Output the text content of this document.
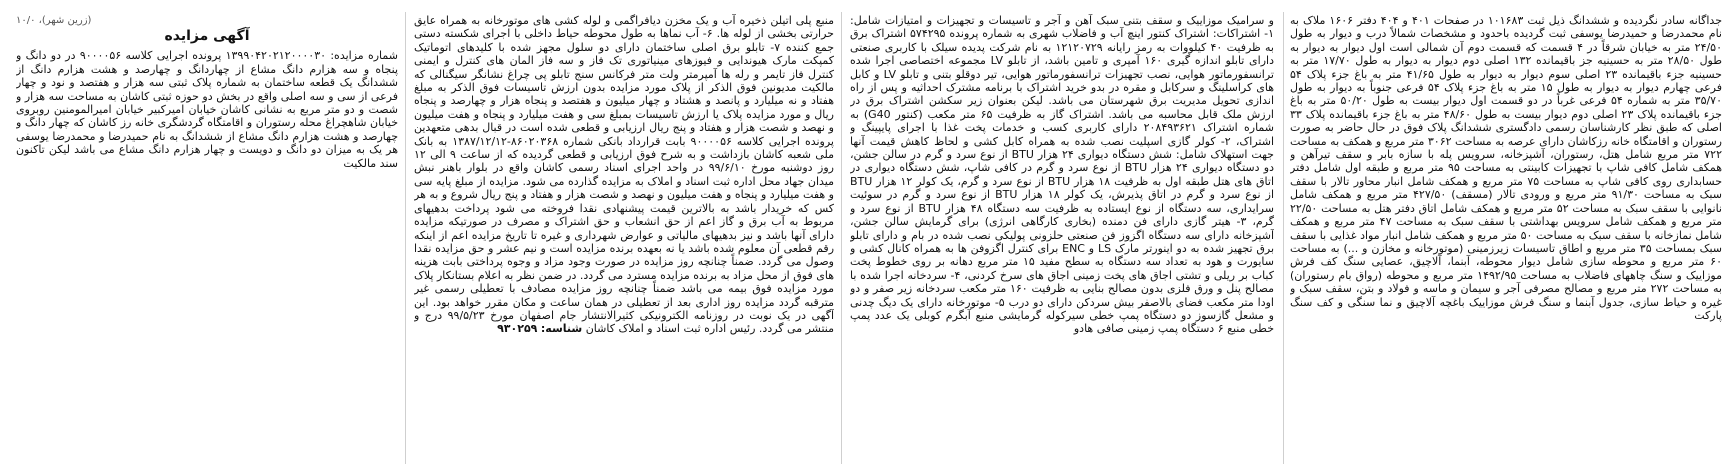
جداگانه سادر نگردیده و ششدانگ ذیل ثبت ۱۰۱۶۸۳ در صفحات ۴۰۱ و ۴۰۴ دفتر ۱۶۰۶ ملاک به نام محمدرضا و حمیدرضا یوسفی ثبت گردیده باحدود و مشخصات شمالاً درب و دیوار به طول ۲۴/۵۰ متر به خیابان شرقاً در ۴ قسمت که قسمت دوم آن شمالی است اول دیوار به دیوار به طول ۲۸/۵۰ متر به حسینیه جز باقیمانده ۱۳۲ اصلی دوم دیوار به دیوار به طول ۱۷/۷۰ متر به حسینیه جزء باقیمانده ۲۳ اصلی سوم دیوار به دیوار به طول ۴۱/۶۵ متر به باغ جزء پلاک ۵۴ فرعی چهارم دیوار به دیوار به طول ۱۵ متر به باغ جزء پلاک ۵۴ فرعی جنوباً به دیوار به طول ۳۵/۷۰ متر به شماره ۵۴ فرعی غرباً در دو قسمت اول دیوار بیست به طول ۵۰/۲۰ متر به باغ جزء باقیمانده پلاک ۲۳ اصلی دوم دیوار بیست به طول ۴۸/۶۰ متر به باغ جزء باقیمانده پلاک ۳۳ اصلی که طبق نظر کارشناسان رسمی دادگستری ششدانگ پلاک فوق در حال حاضر به صورت رستوران و اقامتگاه خانه رزکاشان دارای عرصه به مساحت ۳۰۶۲ متر مربع و همکف به مساحت ۷۲۲ متر مربع شامل هتل، رستوران، آشپزخانه، سرویس پله با سازه بابر و سقف تیرآهن و همکف شامل کافی شاپ با تجهیزات کابینتی به مساحت ۹۵ متر مربع و طبقه اول شامل دفتر حسابداری روی کافی شاپ به مساحت ۷۵ متر مربع و همکف شامل انبار محاور تالار با سقف سبک به مساحت ۹۱/۳۰ متر مربع و ورودی تالار (مسقف) ۴۲۷/۵۰ متر مربع و همکف شامل نانوایی با سقف سبک به مساحت ۵۲ متر مربع و همکف شامل اتاق دفتر هتل به مساحت ۲۲/۵۰ متر مربع و همکف شامل سرویس بهداشتی با سقف سبک به مساحت ۴۷ متر مربع و همکف شامل نمازخانه با سقف سبک به مساحت ۵۰ متر مربع و همکف شامل انبار مواد غذایی با سقف سبک بمساحت ۳۵ متر مربع و اطاق تاسیسات زیرزمینی (موتورخانه و مخازن و ...) به مساحت ۶۰ متر مربع و محوطه سازی شامل دیوار محوطه، آبنما، آلاچیق، عصایی سنگ کف فرش موزاییک و سنگ چاههای فاضلاب به مساحت ۱۴۹۲/۹۵ متر مربع و محوطه (رواق بام رستوران) به مساحت ۲۷۲ متر مربع و مصالح مصرفی آجر و سیمان و ماسه و فولاد و بتن، سقف سبک و غیره و حیاط سازی، جدول آبنما و سنگ فرش موزاییک باغچه آلاچیق و نما سنگی و کف سنگ پارکت

و سرامیک موزاییک و سقف بتنی سبک آهن و آجر و تاسیسات و تجهیزات و امتیازات شامل: ۱- اشتراکات: اشتراک کنتور اینچ آب و فاضلاب شهری به شماره پرونده ۵۷۴۲۹۵ اشتراک برق به ظرفیت ۴۰ کیلووات به رمز رایانه ۱۲۱۲۰۷۲۹ به نام شرکت پدیده سیلک با کاربری صنعتی دارای تابلو اندازه گیری ۱۶۰ آمپری و تامین باشد، از تابلو LV مجموعه اختصاصی اجرا شده ترانسفورماتور هوایی، نصب تجهیزات ترانسفورماتور هوایی، تیر دوقلو بتنی و تابلو LV و کابل های کراسلینگ و سرکابل و مقره در بدو خرید اشتراک با برنامه مشترک احداثیه و پس از راه اندازی تحویل مدیریت برق شهرستان می باشد. لیکن بعنوان زیر سکشن اشتراک برق در ارزش ملک قابل محاسبه می باشد. اشتراک گاز به ظرفیت ۶۵ متر مکعب (کنتور G40) به شماره اشتراک ۲۰۸۴۹۳۶۲۱ دارای کاربری کسب و خدمات پخت غذا با اجرای پایپینگ و اشتراک، ۲- کولر گازی اسپلیت نصب شده به همراه کابل کشی و لحاظ کاهش قیمت آنها جهت استهلاک شامل: شش دستگاه دیواری ۲۴ هزار BTU از نوع سرد و گرم در سالن جشن، دو دستگاه دیواری ۲۴ هزار BTU از نوع سرد و گرم در کافی شاپ، شش دستگاه دیواری در اتاق های هتل طبقه اول به ظرفیت ۱۸ هزار BTU از نوع سرد و گرم، یک کولر ۱۲ هزار BTU از نوع سرد و گرم در اتاق پذیرش، یک کولر ۱۸ هزار BTU از نوع سرد و گرم در سوئیت سرایداری، سه دستگاه از نوع ایستاده به ظرفیت سه دستگاه ۴۸ هزار BTU از نوع سرد و گرم، ۳- هیتر گازی دارای فن دمنده (بخاری کارگاهی انرژی) برای گرمایش سالن جشن، آشپزخانه دارای سه دستگاه اگزوز فن صنعتی حلزونی پولیکی نصب شده در بام و دارای تابلو برق تجهیز شده به دو اینورتر مارک LS و ENC برای کنترل اگزوفن ها به همراه کانال کشی و سایورت و هود به تعداد سه دستگاه به سطح مفید ۱۵ متر مربع دهانه بر روی خطوط پخت کباب بر ریلی و تشتی اجاق های پخت زمینی اجاق های سرخ کردنی، ۴- سردخانه اجرا شده با مصالح پنل و ورق فلزی بدون مصالح بنایی به ظرفیت ۱۶۰ متر مکعب سردخانه زیر صفر و دو اودا متر مکعب فضای بالاصفر بیش سردکن دارای دو درب ۵- موتورخانه دارای یک دیگ چدنی و مشعل گازسوز دو دستگاه پمپ خطی سیرکوله گرمایشی منبع آبگرم کوبلی یک عدد پمپ خطی منبع ۶ دستگاه پمپ زمینی صافی هادو

منبع پلی اتیلن ذخیره آب و یک مخزن دیافراگمی و لوله کشی های موتورخانه به همراه عایق حرارتی بخشی از لوله ها. ۶- آب نماها به طول محوطه حیاط داخلی با اجرای شکسته دستی جمع کننده ۷- تابلو برق اصلی ساختمان دارای دو سلول مجهز شده با کلیدهای اتوماتیک کمپکت مارک هیوندایی و فیوزهای مینیاتوری تک فاز و سه فاز المان های کنترل و ایمنی کنترل فاز تایمر و رله ها آمپرمتر ولت متر فرکانس سنج تابلو پی چراغ نشانگر سیگنالی که مالکیت مدیونین فوق الذکر از پلاک مورد مزایده بدون ارزش تاسیسات فوق الذکر به مبلغ هفتاد و نه میلیارد و پانصد و هشتاد و چهار میلیون و هفتصد و پنجاه هزار و چهارصد و پنجاه ریال و مورد مزایده پلاک یا ارزش تاسیسات بمبلغ سی و هفت میلیارد و پنجاه و هفت میلیون و نهصد و شصت هزار و هفتاد و پنج ریال ارزیابی و قطعی شده است در قبال بدهی متعهدین پرونده اجرایی کلاسه ۹۰۰۰۰۵۶ بابت قرارداد بانکی شماره ۸۶۰۲۰۳۶۸-۱۳۸۷/۱۲/۱۲ به بانک ملی شعبه کاشان بازداشت و به شرح فوق ارزیابی و قطعی گردیده که از ساعت ۹ الی ۱۲ روز دوشنبه مورخ ۹۹/۶/۱۰ در واحد اجرای اسناد رسمی کاشان واقع در بلوار باهنر نبش میدان جهاد محل اداره ثبت اسناد و املاک به مزایده گذارده می شود. مزایده از مبلغ پایه سی و هفت میلیارد و پنجاه و هفت میلیون و نهصد و شصت هزار و هفتاد و پنج ریال شروع و به هر کس که خریدار باشد به بالاترین قیمت پیشنهادی نقدا فروخته می شود پرداخت بدهیهای مربوط به آب برق و گاز اعم از حق انشعاب و حق اشتراک و مصرف در صورتیکه مزایده دارای آنها باشد و نیز بدهیهای مالیاتی و عوارض شهرداری و غیره تا تاریخ مزایده اعم از اینکه رقم قطعی آن معلوم شده باشد یا نه بعهده برنده مزایده است و نیم عشر و حق مزایده نقدا وصول می گردد. ضمناً چنانچه روز مزایده در صورت وجود مزاد و وجوه پرداختی بابت هزینه های فوق از محل مزاد به برنده مزایده مسترد می گردد. در ضمن نظر به اعلام بستانکار پلاک مورد مزایده فوق بیمه می باشد ضمناً چنانچه روز مزایده مصادف با تعطیلی رسمی غیر مترقبه گردد مزایده روز اداری بعد از تعطیلی در همان ساعت و مکان مقرر خواهد بود. این آگهی در یک نوبت در روزنامه الکترونیکی کثیرالانتشار جام اصفهان مورخ ۹۹/۵/۲۳ درج و منتشر می گردد. رئیس اداره ثبت اسناد و املاک کاشان شناسه: ۹۳۰۲۵۹

(زرین شهر)، ۱۰/۰
آگهی مزایده

شماره مزایده: ۱۳۹۹۰۴۲۰۲۱۲۰۰۰۰۳۰ پرونده اجرایی کلاسه ۹۰۰۰۰۵۶ در دو دانگ و پنجاه و سه هزارم دانگ مشاع از چهاردانگ و چهارصد و هشت هزارم دانگ از ششدانگ یک قطعه ساختمان به شماره پلاک ثبتی سه هزار و هفتصد و نود و چهار فرعی از سی و سه اصلی واقع در بخش دو حوزه ثبتی کاشان به مساحت سه هزار و شصت و دو متر مربع به نشانی کاشان خیابان امیرکبیر خیابان امیرالمومنین روبروی خیابان شاهچراغ محله رستوران و اقامتگاه گردشگری خانه رز کاشان که چهار دانگ و چهارصد و هشت هزارم دانگ مشاع از ششدانگ به نام حمیدرضا و محمدرضا یوسفی هر یک به میزان دو دانگ و دویست و چهار هزارم دانگ مشاع می باشد لیکن تاکنون سند مالکیت
